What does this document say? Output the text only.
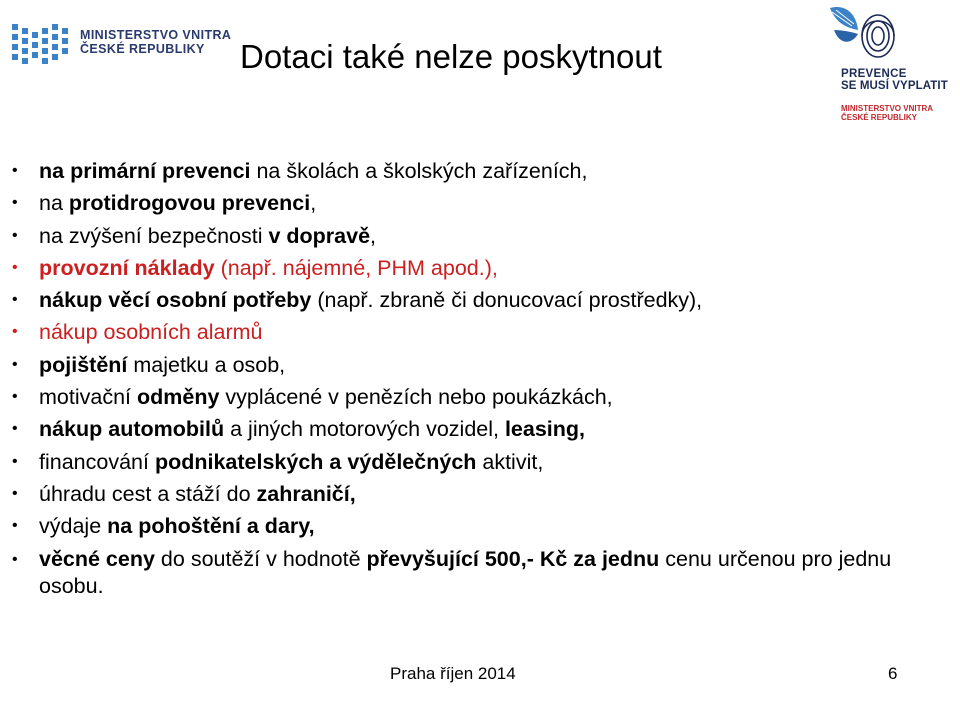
MINISTERSTVO VNITRA
ČESKÉ REPUBLIKY	Dotaci také nelze poskytnout	PREVENCE
SE MUSÍ VYPLATIT
MINISTERSTVO VNITRA
ČESKÉ REPUBLIKY
• na primární prevenci na školách a školských zařízeních,
• na protidrogovou prevenci,
• na zvýšení bezpečnosti v dopravě,
• provozní náklady (např. nájemné, PHM apod.),
• nákup věcí osobní potřeby (např. zbraně či donucovací prostředky),
• nákup osobních alarmů
• pojištění majetku a osob,
• motivační odměny vyplácené v penězích nebo poukázkách,
• nákup automobilů a jiných motorových vozidel, leasing,
• financování podnikatelských a výdělečných aktivit,
• úhradu cest a stáží do zahraničí,
• výdaje na pohoštění a dary,
• věcné ceny do soutěží v hodnotě převyšující 500,- Kč za jednu cenu určenou pro jednu osobu.
Praha říjen 2014	6
